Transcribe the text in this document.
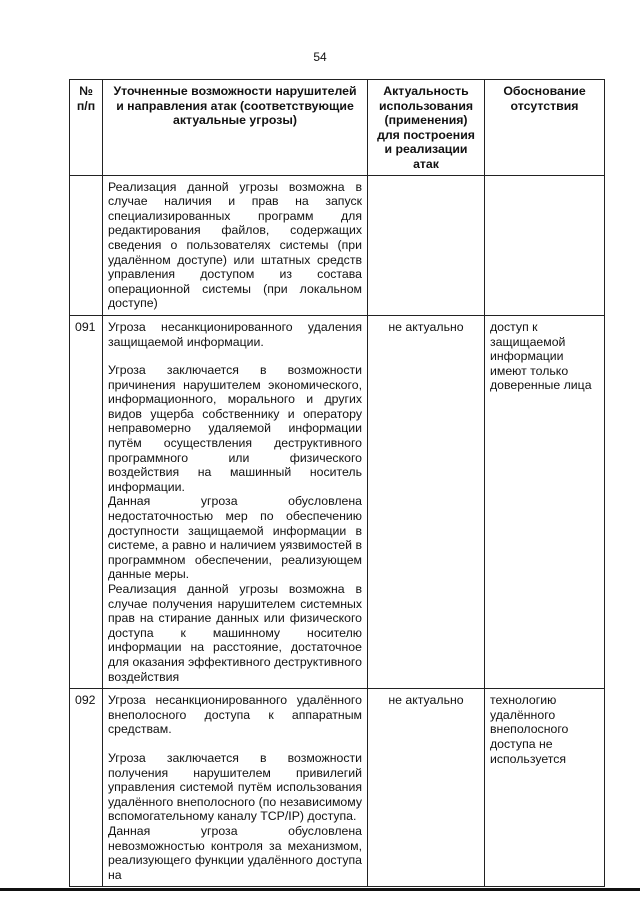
54
№ п/п	Уточненные возможности нарушителей и направления атак (соответствующие актуальные угрозы)	Актуальность использования (применения) для построения и реализации атак	Обоснование отсутствия

	Реализация данной угрозы возможна в случае наличия и прав на запуск специализированных программ для редактирования файлов, содержащих сведения о пользователях системы (при удалённом доступе) или штатных средств управления доступом из состава операционной системы (при локальном доступе)		

091	Угроза несанкционированного удаления защищаемой информации.

Угроза заключается в возможности причинения нарушителем экономического, информационного, морального и других видов ущерба собственнику и оператору неправомерно удаляемой информации путём осуществления деструктивного программного или физического воздействия на машинный носитель информации.

Данная угроза обусловлена недостаточностью мер по обеспечению доступности защищаемой информации в системе, а равно и наличием уязвимостей в программном обеспечении, реализующем данные меры.

Реализация данной угрозы возможна в случае получения нарушителем системных прав на стирание данных или физического доступа к машинному носителю информации на расстояние, достаточное для оказания эффективного деструктивного воздействия	не актуально	доступ к защищаемой информации имеют только доверенные лица
092	Угроза несанкционированного удалённого внеполосного доступа к аппаратным средствам.

Угроза заключается в возможности получения нарушителем привилегий управления системой путём использования удалённого внеполосного (по независимому вспомогательному каналу TCP/IP) доступа.

Данная угроза обусловлена невозможностью контроля за механизмом, реализующего функции удалённого доступа на	не актуально	технологию удалённого внеполосного доступа не используется
